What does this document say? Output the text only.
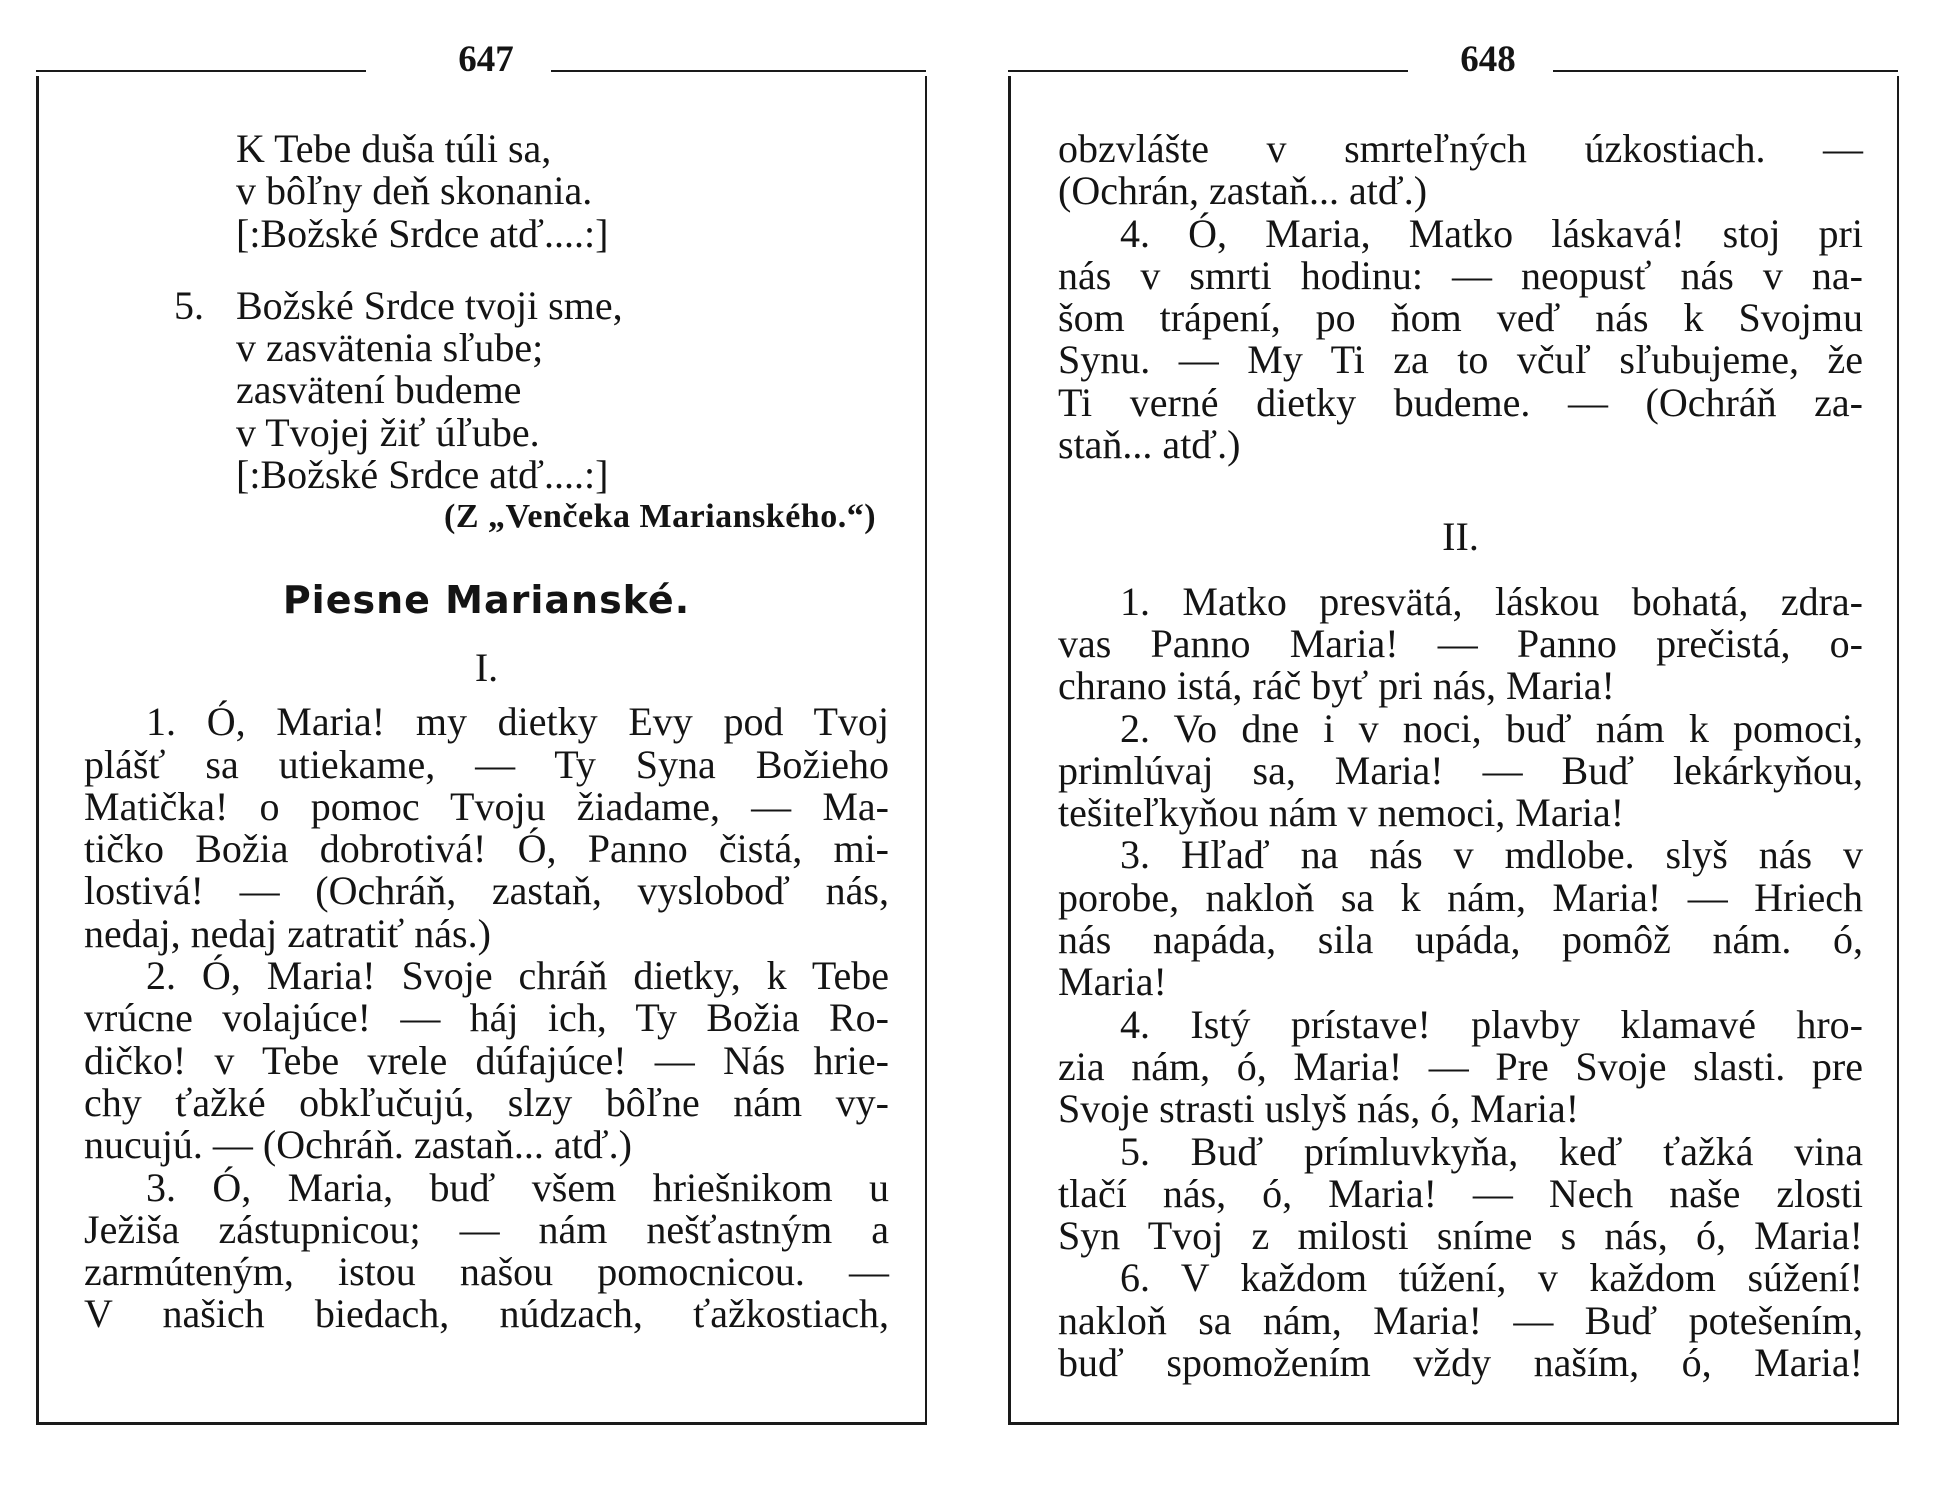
647
K Tebe duša túli sa,
v bôľny deň skonania.
[:Božské Srdce atď....:]
5. Božské Srdce tvoji sme,
v zasvätenia sľube;
zasvätení budeme
v Tvojej žiť úľube.
[:Božské Srdce atď....:]
(Z „Venčeka Marianského.“)
Piesne Marianské.
I.
1. Ó, Maria! my dietky Evy pod Tvoj
plášť sa utiekame, — Ty Syna Božieho
Matička! o pomoc Tvoju žiadame, — Ma-
tičko Božia dobrotivá! Ó, Panno čistá, mi-
lostivá! — (Ochráň, zastaň, vysloboď nás,
nedaj, nedaj zatratiť nás.)
2. Ó, Maria! Svoje chráň dietky, k Tebe
vrúcne volajúce! — háj ich, Ty Božia Ro-
dičko! v Tebe vrele dúfajúce! — Nás hrie-
chy ťažké obkľučujú, slzy bôľne nám vy-
nucujú. — (Ochráň. zastaň... atď.)
3. Ó, Maria, buď všem hriešnikom u
Ježiša zástupnicou; — nám nešťastným a
zarmúteným, istou našou pomocnicou. —
V našich biedach, núdzach, ťažkostiach,
648
obzvlášte v smrteľných úzkostiach. —
(Ochrán, zastaň... atď.)
4. Ó, Maria, Matko láskavá! stoj pri
nás v smrti hodinu: — neopusť nás v na-
šom trápení, po ňom veď nás k Svojmu
Synu. — My Ti za to včuľ sľubujeme, že
Ti verné dietky budeme. — (Ochráň za-
staň... atď.)
II.
1. Matko presvätá, láskou bohatá, zdra-
vas Panno Maria! — Panno prečistá, o-
chrano istá, ráč byť pri nás, Maria!
2. Vo dne i v noci, buď nám k pomoci,
primlúvaj sa, Maria! — Buď lekárkyňou,
tešiteľkyňou nám v nemoci, Maria!
3. Hľaď na nás v mdlobe. slyš nás v
porobe, nakloň sa k nám, Maria! — Hriech
nás napáda, sila upáda, pomôž nám. ó,
Maria!
4. Istý prístave! plavby klamavé hro-
zia nám, ó, Maria! — Pre Svoje slasti. pre
Svoje strasti uslyš nás, ó, Maria!
5. Buď prímluvkyňa, keď ťažká vina
tlačí nás, ó, Maria! — Nech naše zlosti
Syn Tvoj z milosti sníme s nás, ó, Maria!
6. V každom túžení, v každom súžení!
nakloň sa nám, Maria! — Buď potešením,
buď spomožením vždy naším, ó, Maria!
